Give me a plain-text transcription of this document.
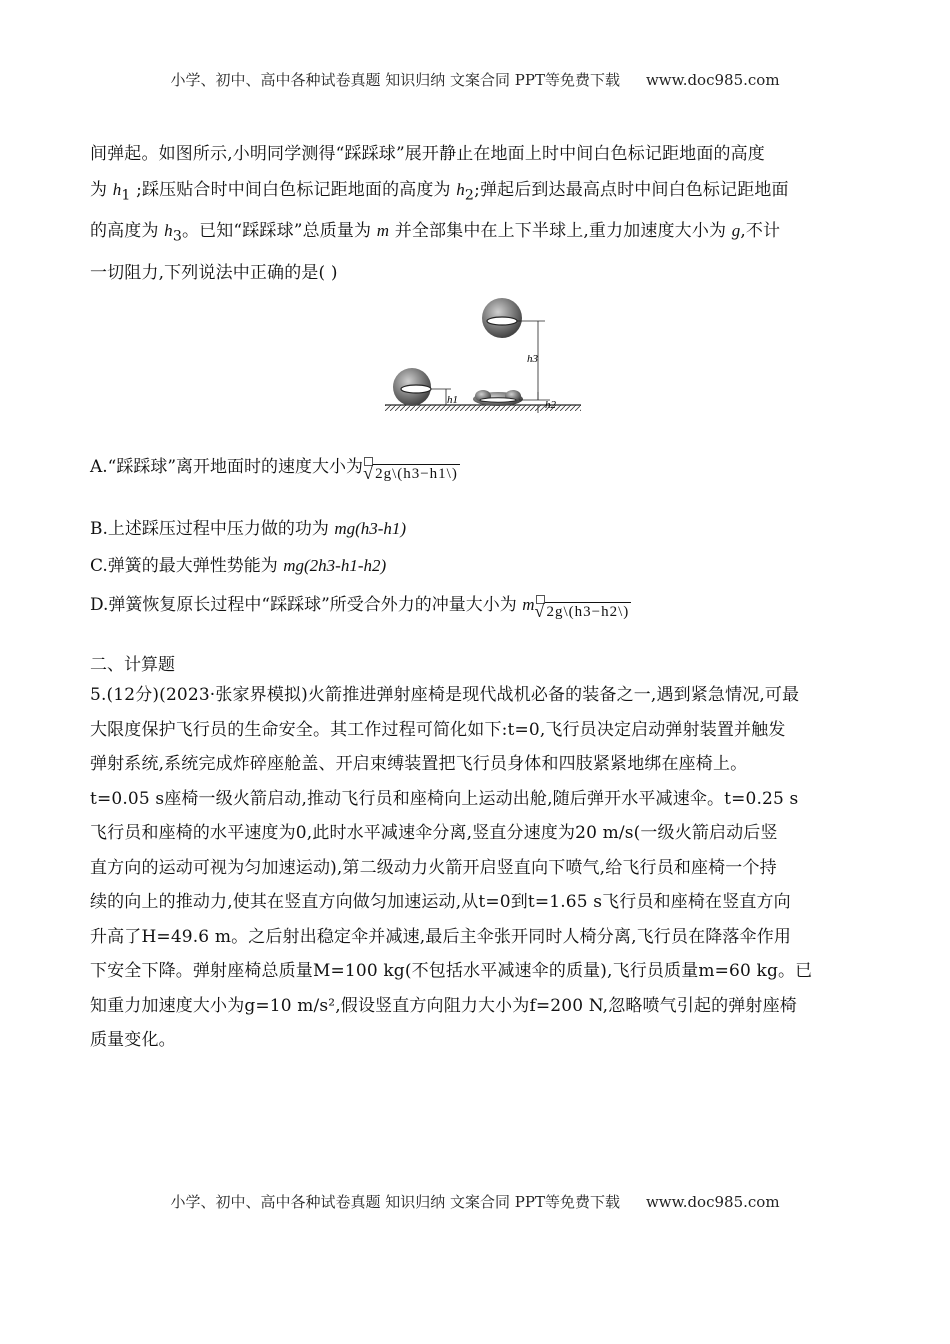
小学、初中、高中各种试卷真题 知识归纳 文案合同 PPT等免费下载 www.doc985.com
间弹起。如图所示,小明同学测得“踩踩球”展开静止在地面上时中间白色标记距地面的高度
为 $h_1$ ;踩压贴合时中间白色标记距地面的高度为 $h_2$;弹起后到达最高点时中间白色标记距地面
的高度为 $h_3$。已知“踩踩球”总质量为 m 并全部集中在上下半球上,重力加速度大小为 g,不计
一切阻力,下列说法中正确的是( )
h1
h3
h2
A.“踩踩球”离开地面时的速度大小为 √ 2g\(h3−h1\)
B.上述踩压过程中压力做的功为 mg(h3-h1)
C.弹簧的最大弹性势能为 mg(2h3-h1-h2)
D.弹簧恢复原长过程中“踩踩球”所受合外力的冲量大小为 m √ 2g\(h3−h2\)
二、计算题
5.(12分)(2023·张家界模拟)火箭推进弹射座椅是现代战机必备的装备之一,遇到紧急情况,可最
大限度保护飞行员的生命安全。其工作过程可简化如下:t=0,飞行员决定启动弹射装置并触发
弹射系统,系统完成炸碎座舱盖、开启束缚装置把飞行员身体和四肢紧紧地绑在座椅上。
t=0.05 s座椅一级火箭启动,推动飞行员和座椅向上运动出舱,随后弹开水平减速伞。t=0.25 s
飞行员和座椅的水平速度为0,此时水平减速伞分离,竖直分速度为20 m/s(一级火箭启动后竖
直方向的运动可视为匀加速运动),第二级动力火箭开启竖直向下喷气,给飞行员和座椅一个持
续的向上的推动力,使其在竖直方向做匀加速运动,从t=0到t=1.65 s飞行员和座椅在竖直方向
升高了H=49.6 m。之后射出稳定伞并减速,最后主伞张开同时人椅分离,飞行员在降落伞作用
下安全下降。弹射座椅总质量M=100 kg(不包括水平减速伞的质量),飞行员质量m=60 kg。已
知重力加速度大小为g=10 m/s²,假设竖直方向阻力大小为f=200 N,忽略喷气引起的弹射座椅
质量变化。
小学、初中、高中各种试卷真题 知识归纳 文案合同 PPT等免费下载 www.doc985.com
